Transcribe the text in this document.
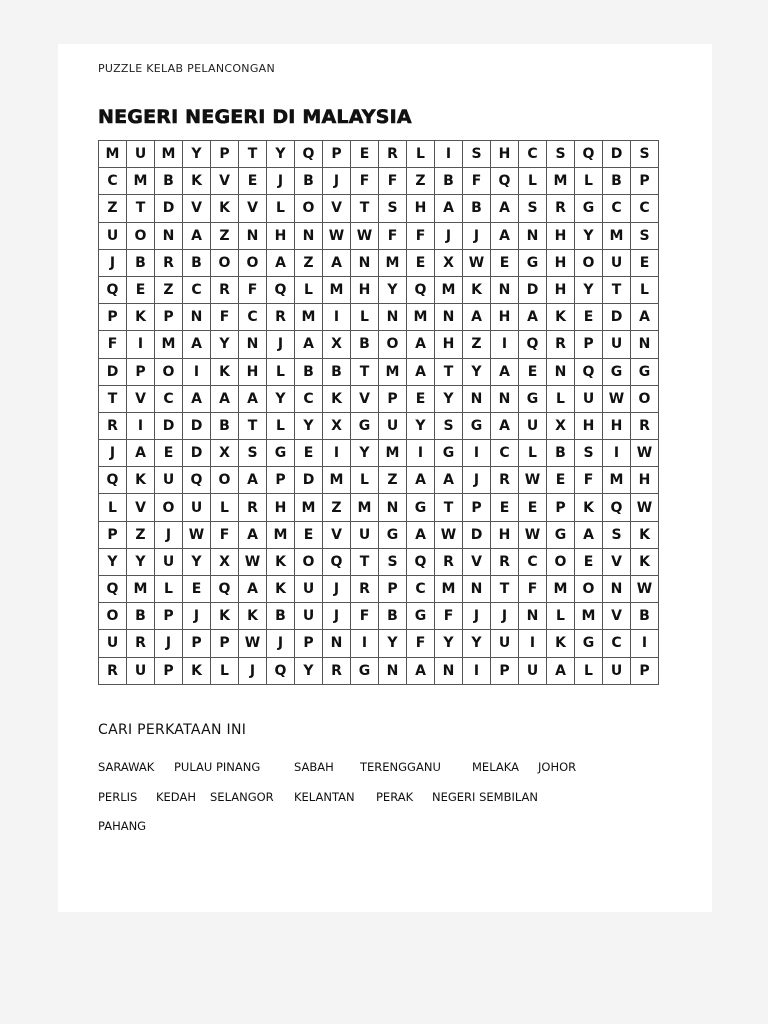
PUZZLE KELAB PELANCONGAN
NEGERI NEGERI DI MALAYSIA
M	U	M	Y	P	T	Y	Q	P	E	R	L	I	S	H	C	S	Q	D	S
C	M	B	K	V	E	J	B	J	F	F	Z	B	F	Q	L	M	L	B	P
Z	T	D	V	K	V	L	O	V	T	S	H	A	B	A	S	R	G	C	C
U	O	N	A	Z	N	H	N	W	W	F	F	J	J	A	N	H	Y	M	S
J	B	R	B	O	O	A	Z	A	N	M	E	X	W	E	G	H	O	U	E
Q	E	Z	C	R	F	Q	L	M	H	Y	Q	M	K	N	D	H	Y	T	L
P	K	P	N	F	C	R	M	I	L	N	M	N	A	H	A	K	E	D	A
F	I	M	A	Y	N	J	A	X	B	O	A	H	Z	I	Q	R	P	U	N
D	P	O	I	K	H	L	B	B	T	M	A	T	Y	A	E	N	Q	G	G
T	V	C	A	A	A	Y	C	K	V	P	E	Y	N	N	G	L	U	W	O
R	I	D	D	B	T	L	Y	X	G	U	Y	S	G	A	U	X	H	H	R
J	A	E	D	X	S	G	E	I	Y	M	I	G	I	C	L	B	S	I	W
Q	K	U	Q	O	A	P	D	M	L	Z	A	A	J	R	W	E	F	M	H
L	V	O	U	L	R	H	M	Z	M	N	G	T	P	E	E	P	K	Q	W
P	Z	J	W	F	A	M	E	V	U	G	A	W	D	H	W	G	A	S	K
Y	Y	U	Y	X	W	K	O	Q	T	S	Q	R	V	R	C	O	E	V	K
Q	M	L	E	Q	A	K	U	J	R	P	C	M	N	T	F	M	O	N	W
O	B	P	J	K	K	B	U	J	F	B	G	F	J	J	N	L	M	V	B
U	R	J	P	P	W	J	P	N	I	Y	F	Y	Y	U	I	K	G	C	I
R	U	P	K	L	J	Q	Y	R	G	N	A	N	I	P	U	A	L	U	P
CARI PERKATAAN INI
SARAWAK PULAU PINANG	SABAH TERENGGANU	MELAKA JOHOR
PERLIS KEDAH SELANGOR KELANTAN PERAK NEGERI SEMBILAN
PAHANG
